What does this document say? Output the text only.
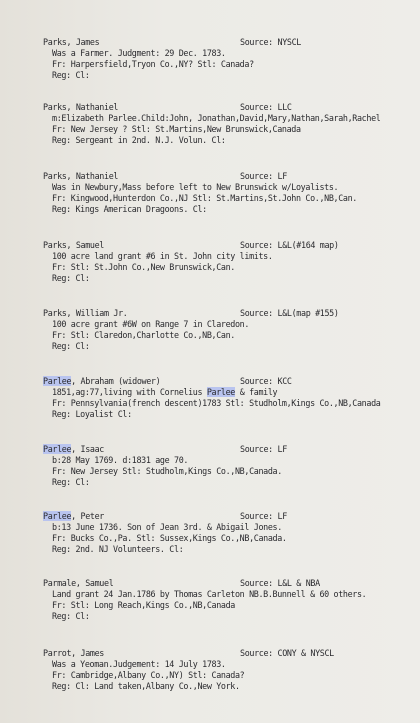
Parks, James	Source: NYSCL
Was a Farmer. Judgment: 29 Dec. 1783.
Fr: Harpersfield,Tryon Co.,NY? Stl: Canada?
Reg: Cl:
Parks, Nathaniel	Source: LLC
m:Elizabeth Parlee.Child:John, Jonathan,David,Mary,Nathan,Sarah,Rachel
Fr: New Jersey ? Stl: St.Martins,New Brunswick,Canada
Reg: Sergeant in 2nd. N.J. Volun. Cl:
Parks, Nathaniel	Source: LF
Was in Newbury,Mass before left to New Brunswick w/Loyalists.
Fr: Kingwood,Hunterdon Co.,NJ Stl: St.Martins,St.John Co.,NB,Can.
Reg: Kings American Dragoons. Cl:
Parks, Samuel	Source: L&L(#164 map)
100 acre land grant #6 in St. John city limits.
Fr: Stl: St.John Co.,New Brunswick,Can.
Reg: Cl:
Parks, William Jr.	Source: L&L(map #155)
100 acre grant #6W on Range 7 in Claredon.
Fr: Stl: Claredon,Charlotte Co.,NB,Can.
Reg: Cl:
Parlee, Abraham (widower)	Source: KCC
1851,ag:77,living with Cornelius Parlee & family
Fr: Pennsylvania(french descent)1783 Stl: Studholm,Kings Co.,NB,Canada
Reg: Loyalist Cl:
Parlee, Isaac	Source: LF
b:28 May 1769. d:1831 age 70.
Fr: New Jersey Stl: Studholm,Kings Co.,NB,Canada.
Reg: Cl:
Parlee, Peter	Source: LF
b:13 June 1736. Son of Jean 3rd. & Abigail Jones.
Fr: Bucks Co.,Pa. Stl: Sussex,Kings Co.,NB,Canada.
Reg: 2nd. NJ Volunteers. Cl:
Parmale, Samuel	Source: L&L & NBA
Land grant 24 Jan.1786 by Thomas Carleton NB.B.Bunnell & 60 others.
Fr: Stl: Long Reach,Kings Co.,NB,Canada
Reg: Cl:
Parrot, James	Source: CONY & NYSCL
Was a Yeoman.Judgement: 14 July 1783.
Fr: Cambridge,Albany Co.,NY) Stl: Canada?
Reg: Cl: Land taken,Albany Co.,New York.
